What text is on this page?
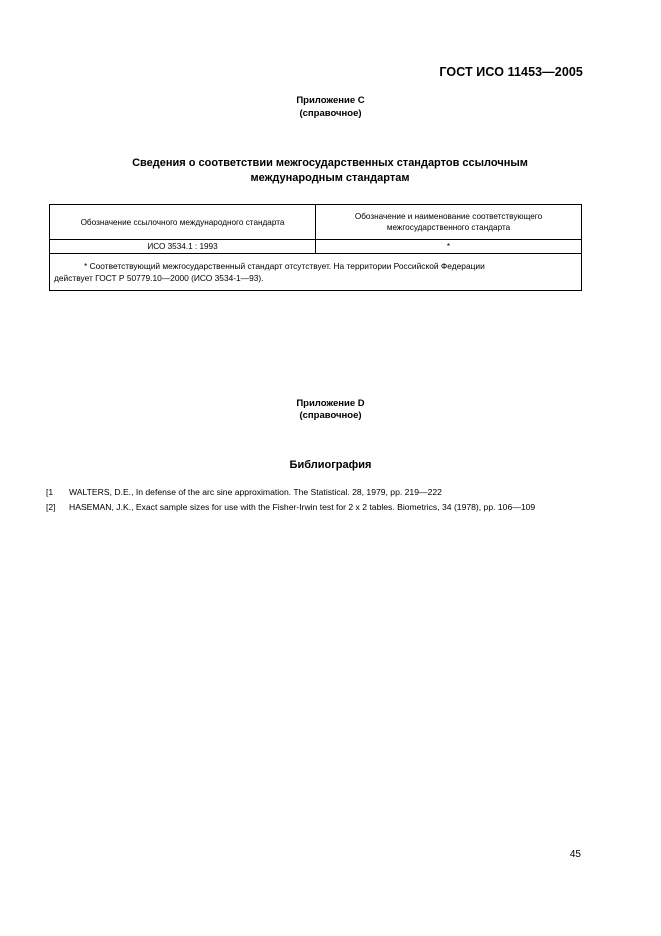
ГОСТ ИСО 11453—2005
Приложение С
(справочное)
Сведения о соответствии межгосударственных стандартов ссылочным
международным стандартам
Обозначение ссылочного международного стандарта	Обозначение и наименование соответствующего
межгосударственного стандарта

ИСО 3534.1 : 1993	*

* Соответствующий межгосударственный стандарт отсутствует. На территории Российской Федерации
действует ГОСТ Р 50779.10—2000 (ИСО 3534-1—93).	
Приложение D
(справочное)
Библиография
[1 WALTERS, D.E., In defense of the arc sine approximation. The Statistical. 28, 1979, pp. 219—222
[2] HASEMAN, J.K., Exact sample sizes for use with the Fisher-Irwin test for 2 x 2 tables. Biometrics, 34 (1978), pp. 106—109
45
